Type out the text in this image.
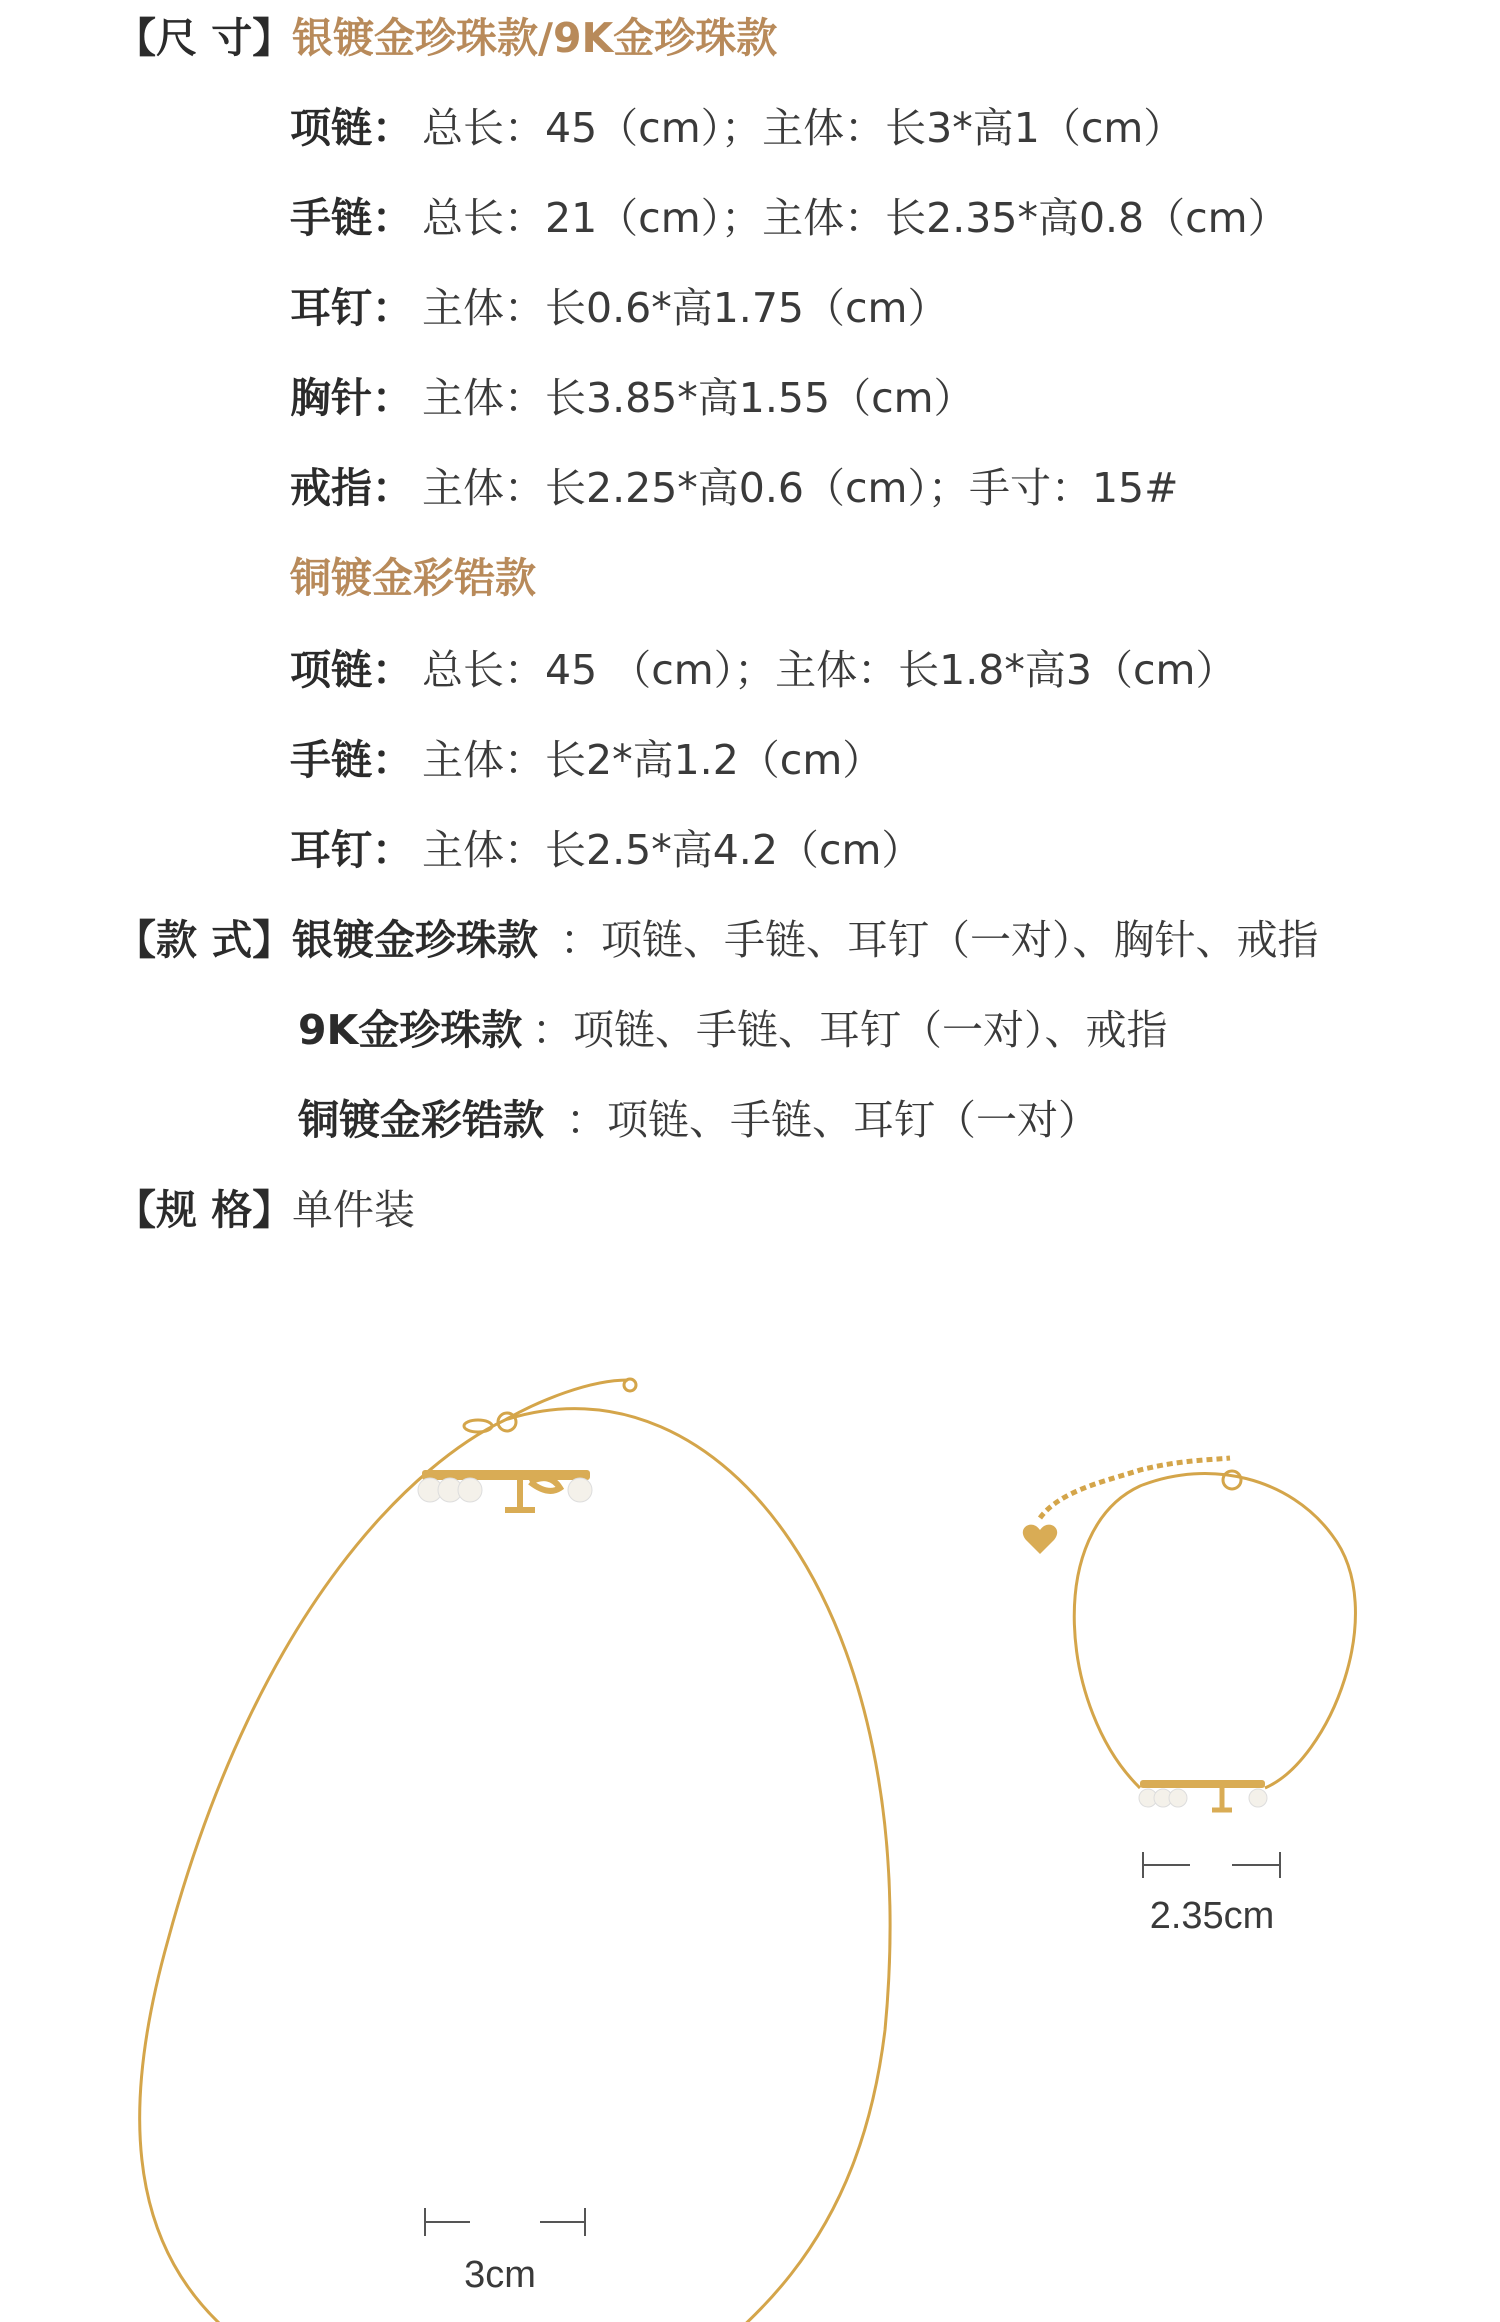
【尺 寸】
银镀金珍珠款/9K金珍珠款
项链： 总长：45（cm）；主体：长3*高1（cm）
手链： 总长：21（cm）；主体：长2.35*高0.8（cm）
耳钉： 主体：长0.6*高1.75（cm）
胸针： 主体：长3.85*高1.55（cm）
戒指： 主体：长2.25*高0.6（cm）；手寸：15#
铜镀金彩锆款
项链： 总长：45 （cm）；主体：长1.8*高3（cm）
手链： 主体：长2*高1.2（cm）
耳钉： 主体：长2.5*高4.2（cm）
【款 式】
银镀金珍珠款 ：项链、手链、耳钉（一对）、胸针、戒指
9K金珍珠款 ：项链、手链、耳钉（一对）、戒指
铜镀金彩锆款 ：项链、手链、耳钉（一对）
【规 格】
单件装
3cm
2.35cm
